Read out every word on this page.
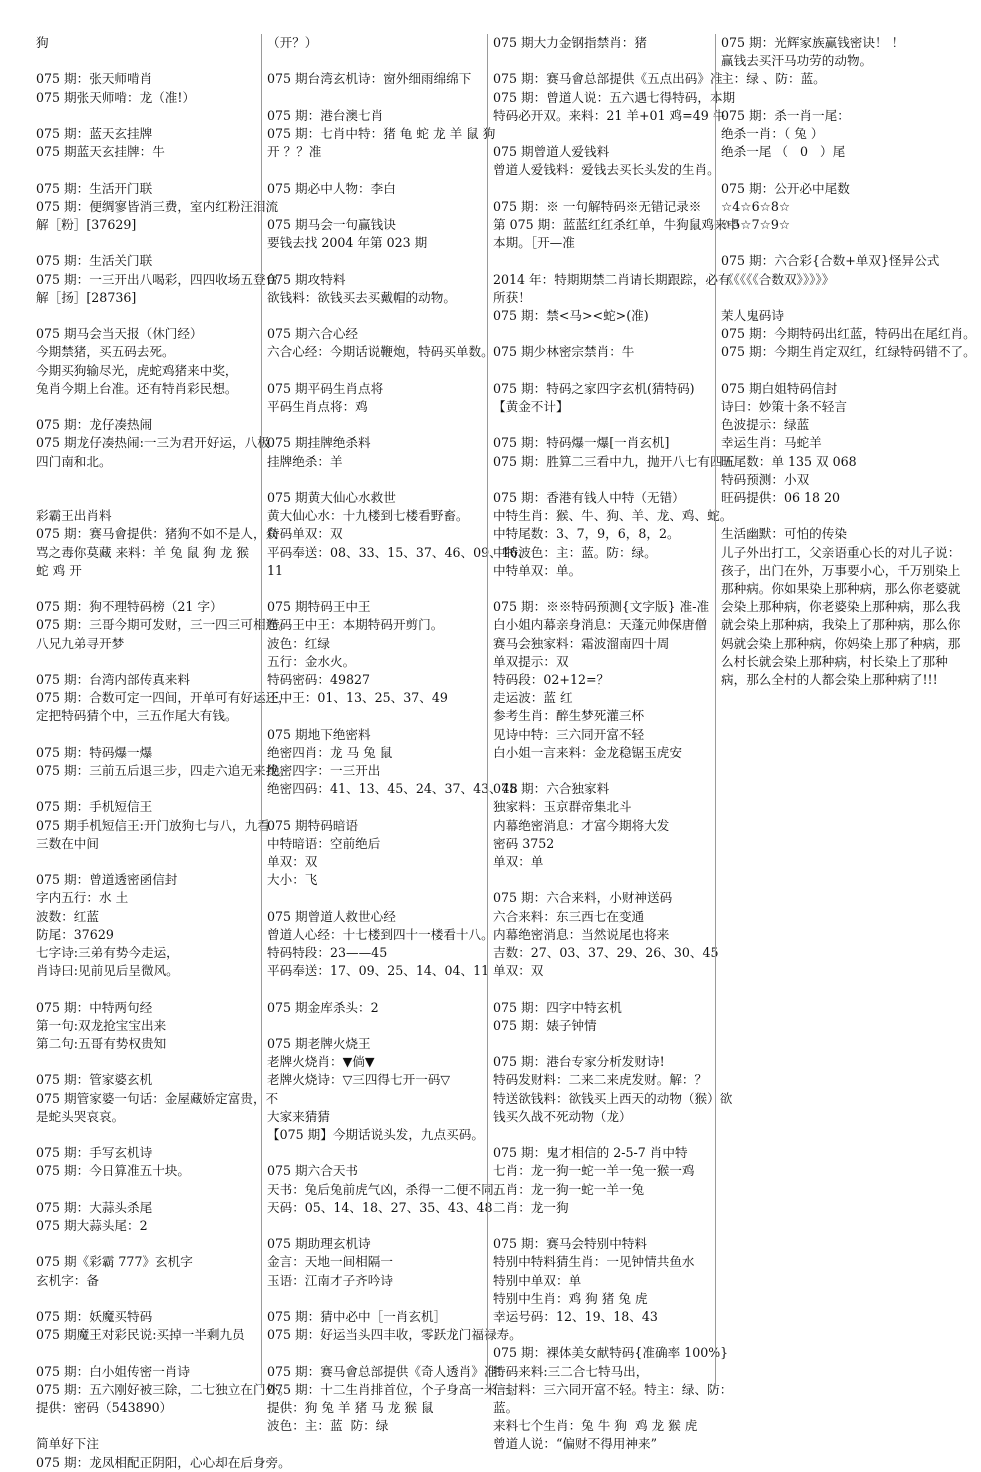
狗
075 期：张天师啃肖
075 期张天师啃：龙（准!）
075 期：蓝天玄挂牌
075 期蓝天玄挂牌：牛
075 期：生活开门联
075 期：便绸寥皆消三费，室内红粉汪泪流
解［粉］[37629]
075 期：生活关门联
075 期：一三开出八喝彩，四四收场五登台
解［扬］[28736]
075 期马会当天报（休门经）
今期禁猪，买五码去死。
今期买狗输尽光，虎蛇鸡猪来中奖，
兔肖今期上台准。还有特肖彩民想。
075 期：龙仔凑热闹
075 期龙仔凑热闹:一三为君开好运，八极
四门南和北。
彩霸王出肖料
075 期：赛马會提供：猪狗不如不是人，众
骂之毒你莫藏 来料：羊 兔 鼠 狗 龙 猴
蛇 鸡 开
075 期：狗不理特码榜（21 字）
075 期：三哥今期可发财，三一四三可相连。
八兄九弟寻开梦
075 期：台湾内部传真来料
075 期：合数可定一四间，开单可有好运还，
定把特码猜个中，三五作尾大有钱。
075 期：特码爆一爆
075 期：三前五后退三步，四走六追无来找。
075 期：手机短信王
075 期手机短信王:开门放狗七与八，九看
三数在中间
075 期：曾道透密函信封
字内五行：水 土
波数：红蓝
防尾：37629
七字诗:三弟有势今走运，
肖诗曰:见前见后呈微风。
075 期：中特两句经
第一句:双龙抢宝宝出来
第二句:五哥有势权贵知
075 期：管家婆玄机
075 期管家婆一句话：金屋藏娇定富贵，不
是蛇头哭哀哀。
075 期：手写玄机诗
075 期：今日算准五十块。
075 期：大蒜头杀尾
075 期大蒜头尾：2
075 期《彩霸 777》玄机字
玄机字：备
075 期：妖魔买特码
075 期魔王对彩民说:买掉一半剩九员
075 期：白小姐传密一肖诗
075 期：五六刚好被三除，二七独立在门外。
提供：密码（543890）
简单好下注
075 期：龙凤相配正阴阳，心心却在后身旁。
（开？）
075 期台湾玄机诗：窗外细雨绵绵下
075 期：港台澳七肖
075 期：七肖中特：猪 龟 蛇 龙 羊 鼠 狗
开 ？？准
075 期必中人物：李白
075 期马会一句赢钱诀
要钱去找 2004 年第 023 期
075 期攻特料
欲钱料：欲钱买去买戴帽的动物。
075 期六合心经
六合心经：今期话说鞭炮，特码买单数。
075 期平码生肖点将
平码生肖点将：鸡
075 期挂牌绝杀料
挂牌绝杀：羊
075 期黄大仙心水救世
黄大仙心水：十九楼到七楼看野畜。
特码单双：双
平码奉送：08、33、15、37、46、09、16、
11
075 期特码王中王
特码王中王：本期特码开剪门。
波色：红绿
五行：金水火。
特码密码：49827
王中王：01、13、25、37、49
075 期地下绝密料
绝密四肖：龙 马 兔 鼠
绝密四字：一三开出
绝密四码：41、13、45、24、37、43、48
075 期特码暗语
中特暗语：空前绝后
单双：双
大小：飞
075 期曾道人救世心经
曾道人心经：十七楼到四十一楼看十八。
特码特段：23——45
平码奉送：17、09、25、14、04、11
075 期金库杀头：2
075 期老牌火烧王
老牌火烧肖：▼倘▼
老牌火烧诗：▽三四得七开一码▽
大家来猜猜
【075 期】今期话说头发，九点买码。
075 期六合天书
天书：兔后兔前虎气凶，杀得一二便不同。
天码：05、14、18、27、35、43、48
075 期助理玄机诗
金言：天地一间相隔一
玉语：江南才子齐吟诗
075 期：猜中必中［一肖玄机］
075 期：好运当头四丰收，零跃龙门福禄寿。
075 期：赛马會总部提供《奇人透肖》准!
075 期：十二生肖排首位，个子身高一米一。
提供：狗 兔 羊 猪 马 龙 猴 鼠
波色：主：蓝  防：绿
075 期大力金钢指禁肖：猪
075 期：赛马會总部提供《五点出码》准
075 期：曾道人说：五六遇七得特码，本期
特码必开双。来料：21 羊+01 鸡=49 牛
075 期曾道人爱钱料
曾道人爱钱料：爱钱去买长头发的生肖。
075 期：※ 一句解特码※无错记录※
第 075 期：蓝蓝红红杀红单，牛狗鼠鸡来中
本期。［开—准
2014 年：特期期禁二肖请长期跟踪，必有
所获！
075 期：禁<马><蛇>(准)
075 期少林密宗禁肖：牛
075 期：特码之家四字玄机(猜特码)
【黄金不计】
075 期：特码爆一爆[一肖玄机]
075 期：胜算二三看中九，抛开八七有四五
075 期：香港有钱人中特（无错）
中特生肖：猴、牛、狗、羊、龙、鸡、蛇。
中特尾数：3、7，9，6，8，2。
中特波色：主：蓝。防：绿。
中特单双：单。
075 期：※※特码预测{文字版} 准-准
白小姐内幕亲身消息：天蓬元帅保唐僧
赛马会独家料：霜波溜南四十周
单双提示：双
特码段：02+12=？
走运波：蓝 红
参考生肖：醉生梦死灌三杯
见诗中特：三六同开富不轻
白小姐一言来料：金龙稳锯玉虎安
075 期：六合独家料
独家料：玉京群帝集北斗
内幕绝密消息：才富今期将大发
密码 3752
单双：单
075 期：六合来料，小财神送码
六合来料：东三西七在变通
内幕绝密消息：当然说尾也将来
吉数：27、03、37、29、26、30、45
单双：双
075 期：四字中特玄机
075 期：婊子钟情
075 期：港台专家分析发财诗!
特码发财料：二来二来虎发财。解：？
特送欲钱料：欲钱买上西天的动物（猴）欲
钱买久战不死动物（龙）
075 期：鬼才相信的 2-5-7 肖中特
七肖：龙一狗一蛇一羊一兔一猴一鸡
五肖：龙一狗一蛇一羊一兔
二肖：龙一狗
075 期：赛马会特别中特料
特别中特料猜生肖：一见钟情共鱼水
特别中单双：单
特别中生肖：鸡 狗 猪 兔 虎
幸运号码：12、19、18、43
075 期：裸体美女献特码{准确率 100%}
特码来料:三二合七特马出，
信封料：三六同开富不轻。特主：绿、防：
蓝。
来料七个生肖：兔 牛 狗  鸡 龙 猴 虎
曾道人说：“偏财不得用神来”
075 期：光辉家族赢钱密诀！ ！
赢钱去买汗马功劳的动物。
主：绿 、防：蓝。
075 期：杀一肖一尾：
绝杀一肖：（ 兔 ）
绝杀一尾 （   0   ）尾
075 期：公开必中尾数
☆4☆6☆8☆
☆5☆7☆9☆
075 期：六合彩{合数+单双}怪异公式
《《《《《合数双》》》》》
茉人鬼码诗
075 期：今期特码出红蓝，特码出在尾红肖。
075 期：今期生肖定双红，红绿特码错不了。
075 期白姐特码信封
诗曰：妙策十条不轻言
色波提示：绿蓝
幸运生肖：马蛇羊
旺尾数：单 135 双 068
特码预测：小双
旺码提供：06 18 20
生活幽默：可怕的传染
儿子外出打工，父亲语重心长的对儿子说：
孩子，出门在外，万事要小心，千万别染上
那种病。你如果染上那种病，那么你老婆就
会染上那种病，你老婆染上那种病，那么我
就会染上那种病，我染上了那种病，那么你
妈就会染上那种病，你妈染上那了种病，那
么村长就会染上那种病，村长染上了那种
病，那么全村的人都会染上那种病了!!!
